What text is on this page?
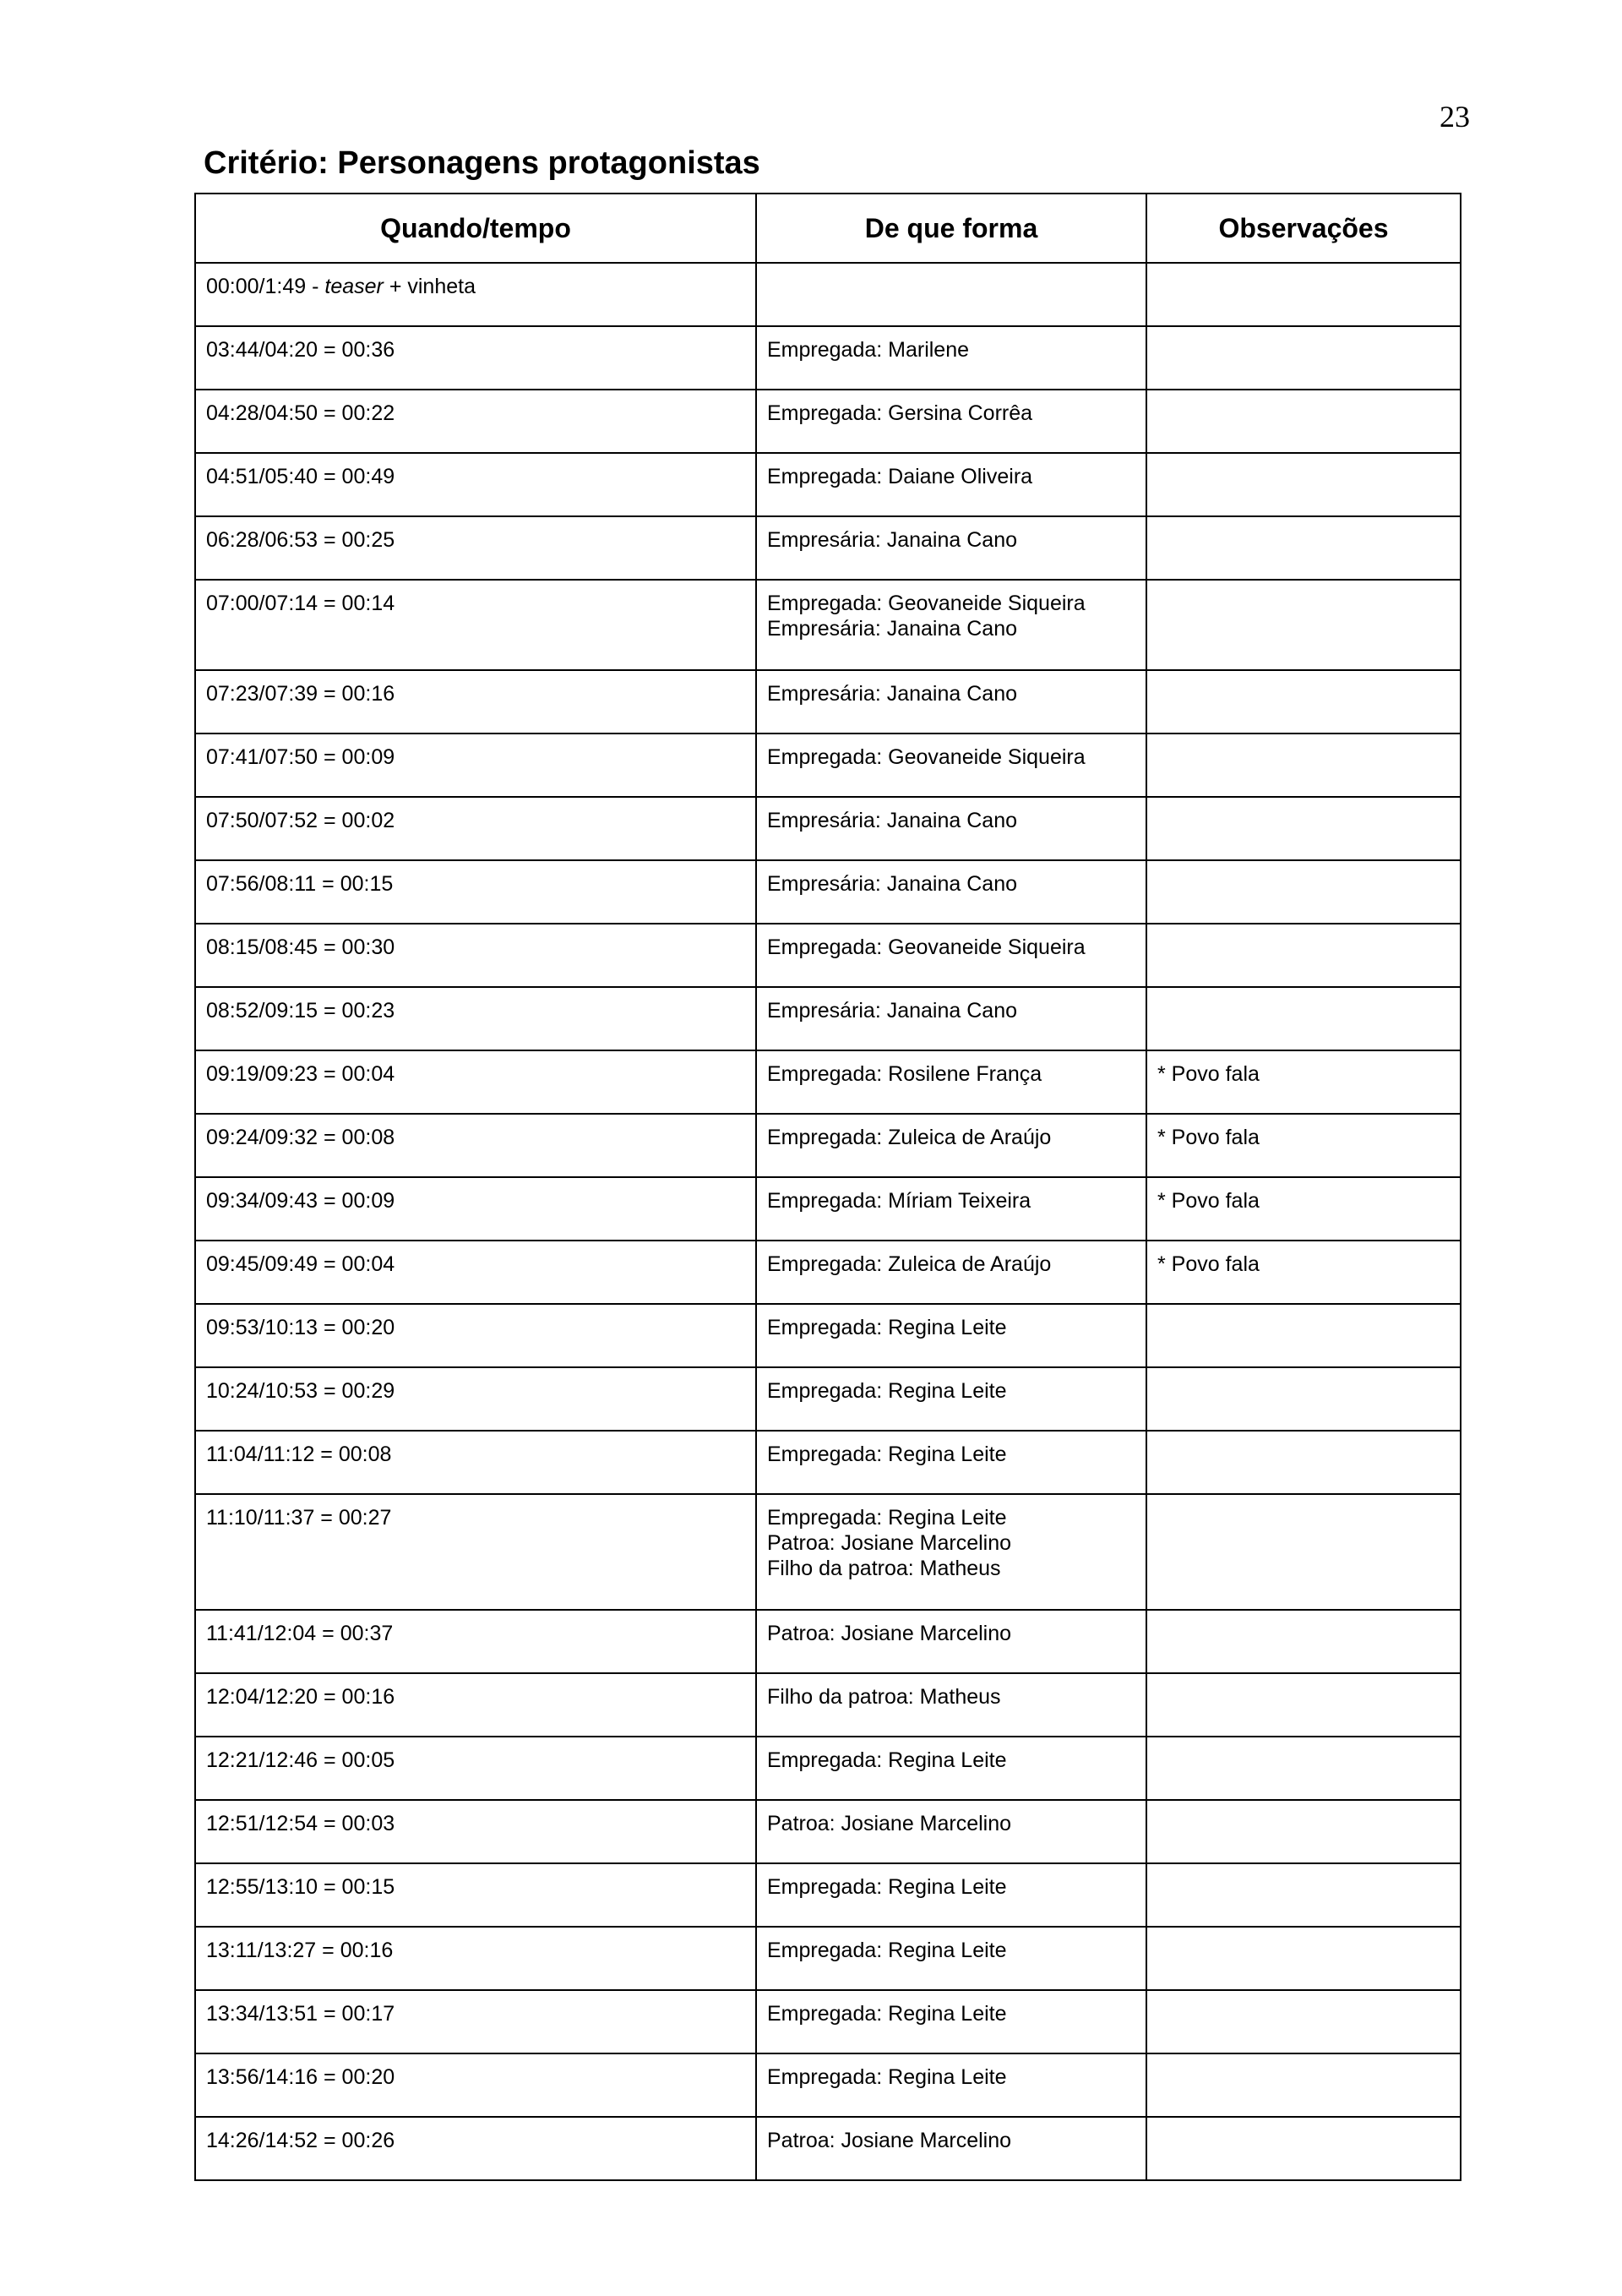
23
Critério: Personagens protagonistas
Quando/tempo	De que forma	Observações
00:00/1:49 - teaser + vinheta		
03:44/04:20 = 00:36	Empregada: Marilene	

04:28/04:50 = 00:22	Empregada: Gersina Corrêa	

04:51/05:40 = 00:49	Empregada: Daiane Oliveira	

06:28/06:53 = 00:25	Empresária: Janaina Cano	

07:00/07:14 = 00:14	Empregada: Geovaneide Siqueira
Empresária: Janaina Cano	

07:23/07:39 = 00:16	Empresária: Janaina Cano	

07:41/07:50 = 00:09	Empregada: Geovaneide Siqueira	

07:50/07:52 = 00:02	Empresária: Janaina Cano	

07:56/08:11 = 00:15	Empresária: Janaina Cano	

08:15/08:45 = 00:30	Empregada: Geovaneide Siqueira	

08:52/09:15 = 00:23	Empresária: Janaina Cano	

09:19/09:23 = 00:04	Empregada: Rosilene França	* Povo fala
09:24/09:32 = 00:08	Empregada: Zuleica de Araújo	* Povo fala
09:34/09:43 = 00:09	Empregada: Míriam Teixeira	* Povo fala
09:45/09:49 = 00:04	Empregada: Zuleica de Araújo	* Povo fala
09:53/10:13 = 00:20	Empregada: Regina Leite	

10:24/10:53 = 00:29	Empregada: Regina Leite	

11:04/11:12 = 00:08	Empregada: Regina Leite	

11:10/11:37 = 00:27	Empregada: Regina Leite
Patroa: Josiane Marcelino
Filho da patroa: Matheus	

11:41/12:04 = 00:37	Patroa: Josiane Marcelino	

12:04/12:20 = 00:16	Filho da patroa: Matheus	

12:21/12:46 = 00:05	Empregada: Regina Leite	

12:51/12:54 = 00:03	Patroa: Josiane Marcelino	

12:55/13:10 = 00:15	Empregada: Regina Leite	

13:11/13:27 = 00:16	Empregada: Regina Leite	

13:34/13:51 = 00:17	Empregada: Regina Leite	

13:56/14:16 = 00:20	Empregada: Regina Leite	

14:26/14:52 = 00:26	Patroa: Josiane Marcelino	
